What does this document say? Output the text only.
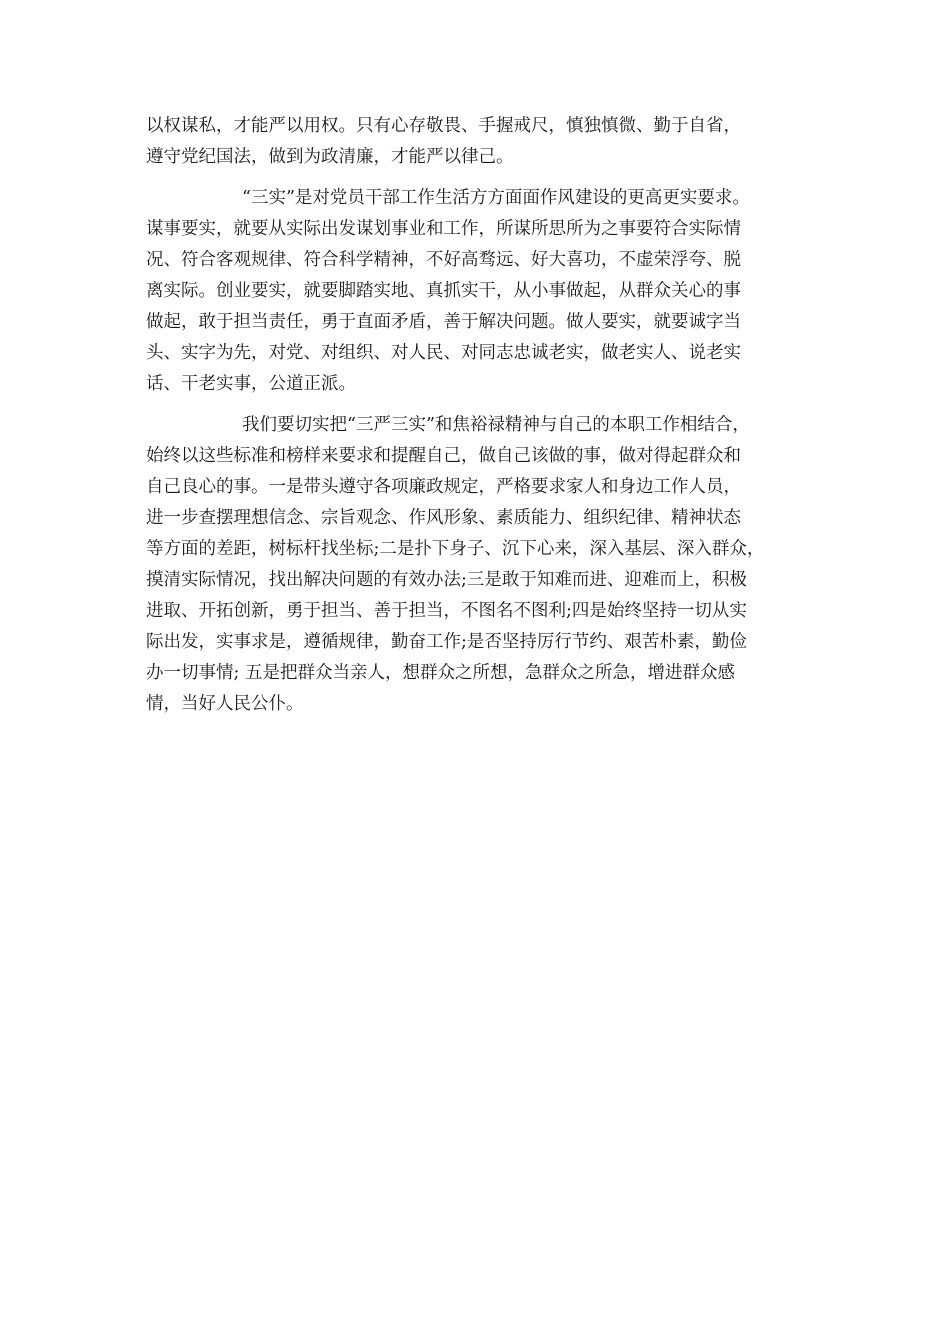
以权谋私，才能严以用权。只有心存敬畏、手握戒尺，慎独慎微、勤于自省，
遵守党纪国法，做到为政清廉，才能严以律己。

“三实”是对党员干部工作生活方方面面作风建设的更高更实要求。
谋事要实，就要从实际出发谋划事业和工作，所谋所思所为之事要符合实际情
况、符合客观规律、符合科学精神，不好高骛远、好大喜功，不虚荣浮夸、脱
离实际。创业要实，就要脚踏实地、真抓实干，从小事做起，从群众关心的事
做起，敢于担当责任，勇于直面矛盾，善于解决问题。做人要实，就要诚字当
头、实字为先，对党、对组织、对人民、对同志忠诚老实，做老实人、说老实
话、干老实事，公道正派。

我们要切实把“三严三实”和焦裕禄精神与自己的本职工作相结合，
始终以这些标准和榜样来要求和提醒自己，做自己该做的事，做对得起群众和
自己良心的事。一是带头遵守各项廉政规定，严格要求家人和身边工作人员，
进一步查摆理想信念、宗旨观念、作风形象、素质能力、组织纪律、精神状态
等方面的差距，树标杆找坐标;二是扑下身子、沉下心来，深入基层、深入群众，
摸清实际情况，找出解决问题的有效办法;三是敢于知难而进、迎难而上，积极
进取、开拓创新，勇于担当、善于担当，不图名不图利;四是始终坚持一切从实
际出发，实事求是，遵循规律，勤奋工作;是否坚持厉行节约、艰苦朴素，勤俭
办一切事情; 五是把群众当亲人，想群众之所想，急群众之所急，增进群众感
情，当好人民公仆。
